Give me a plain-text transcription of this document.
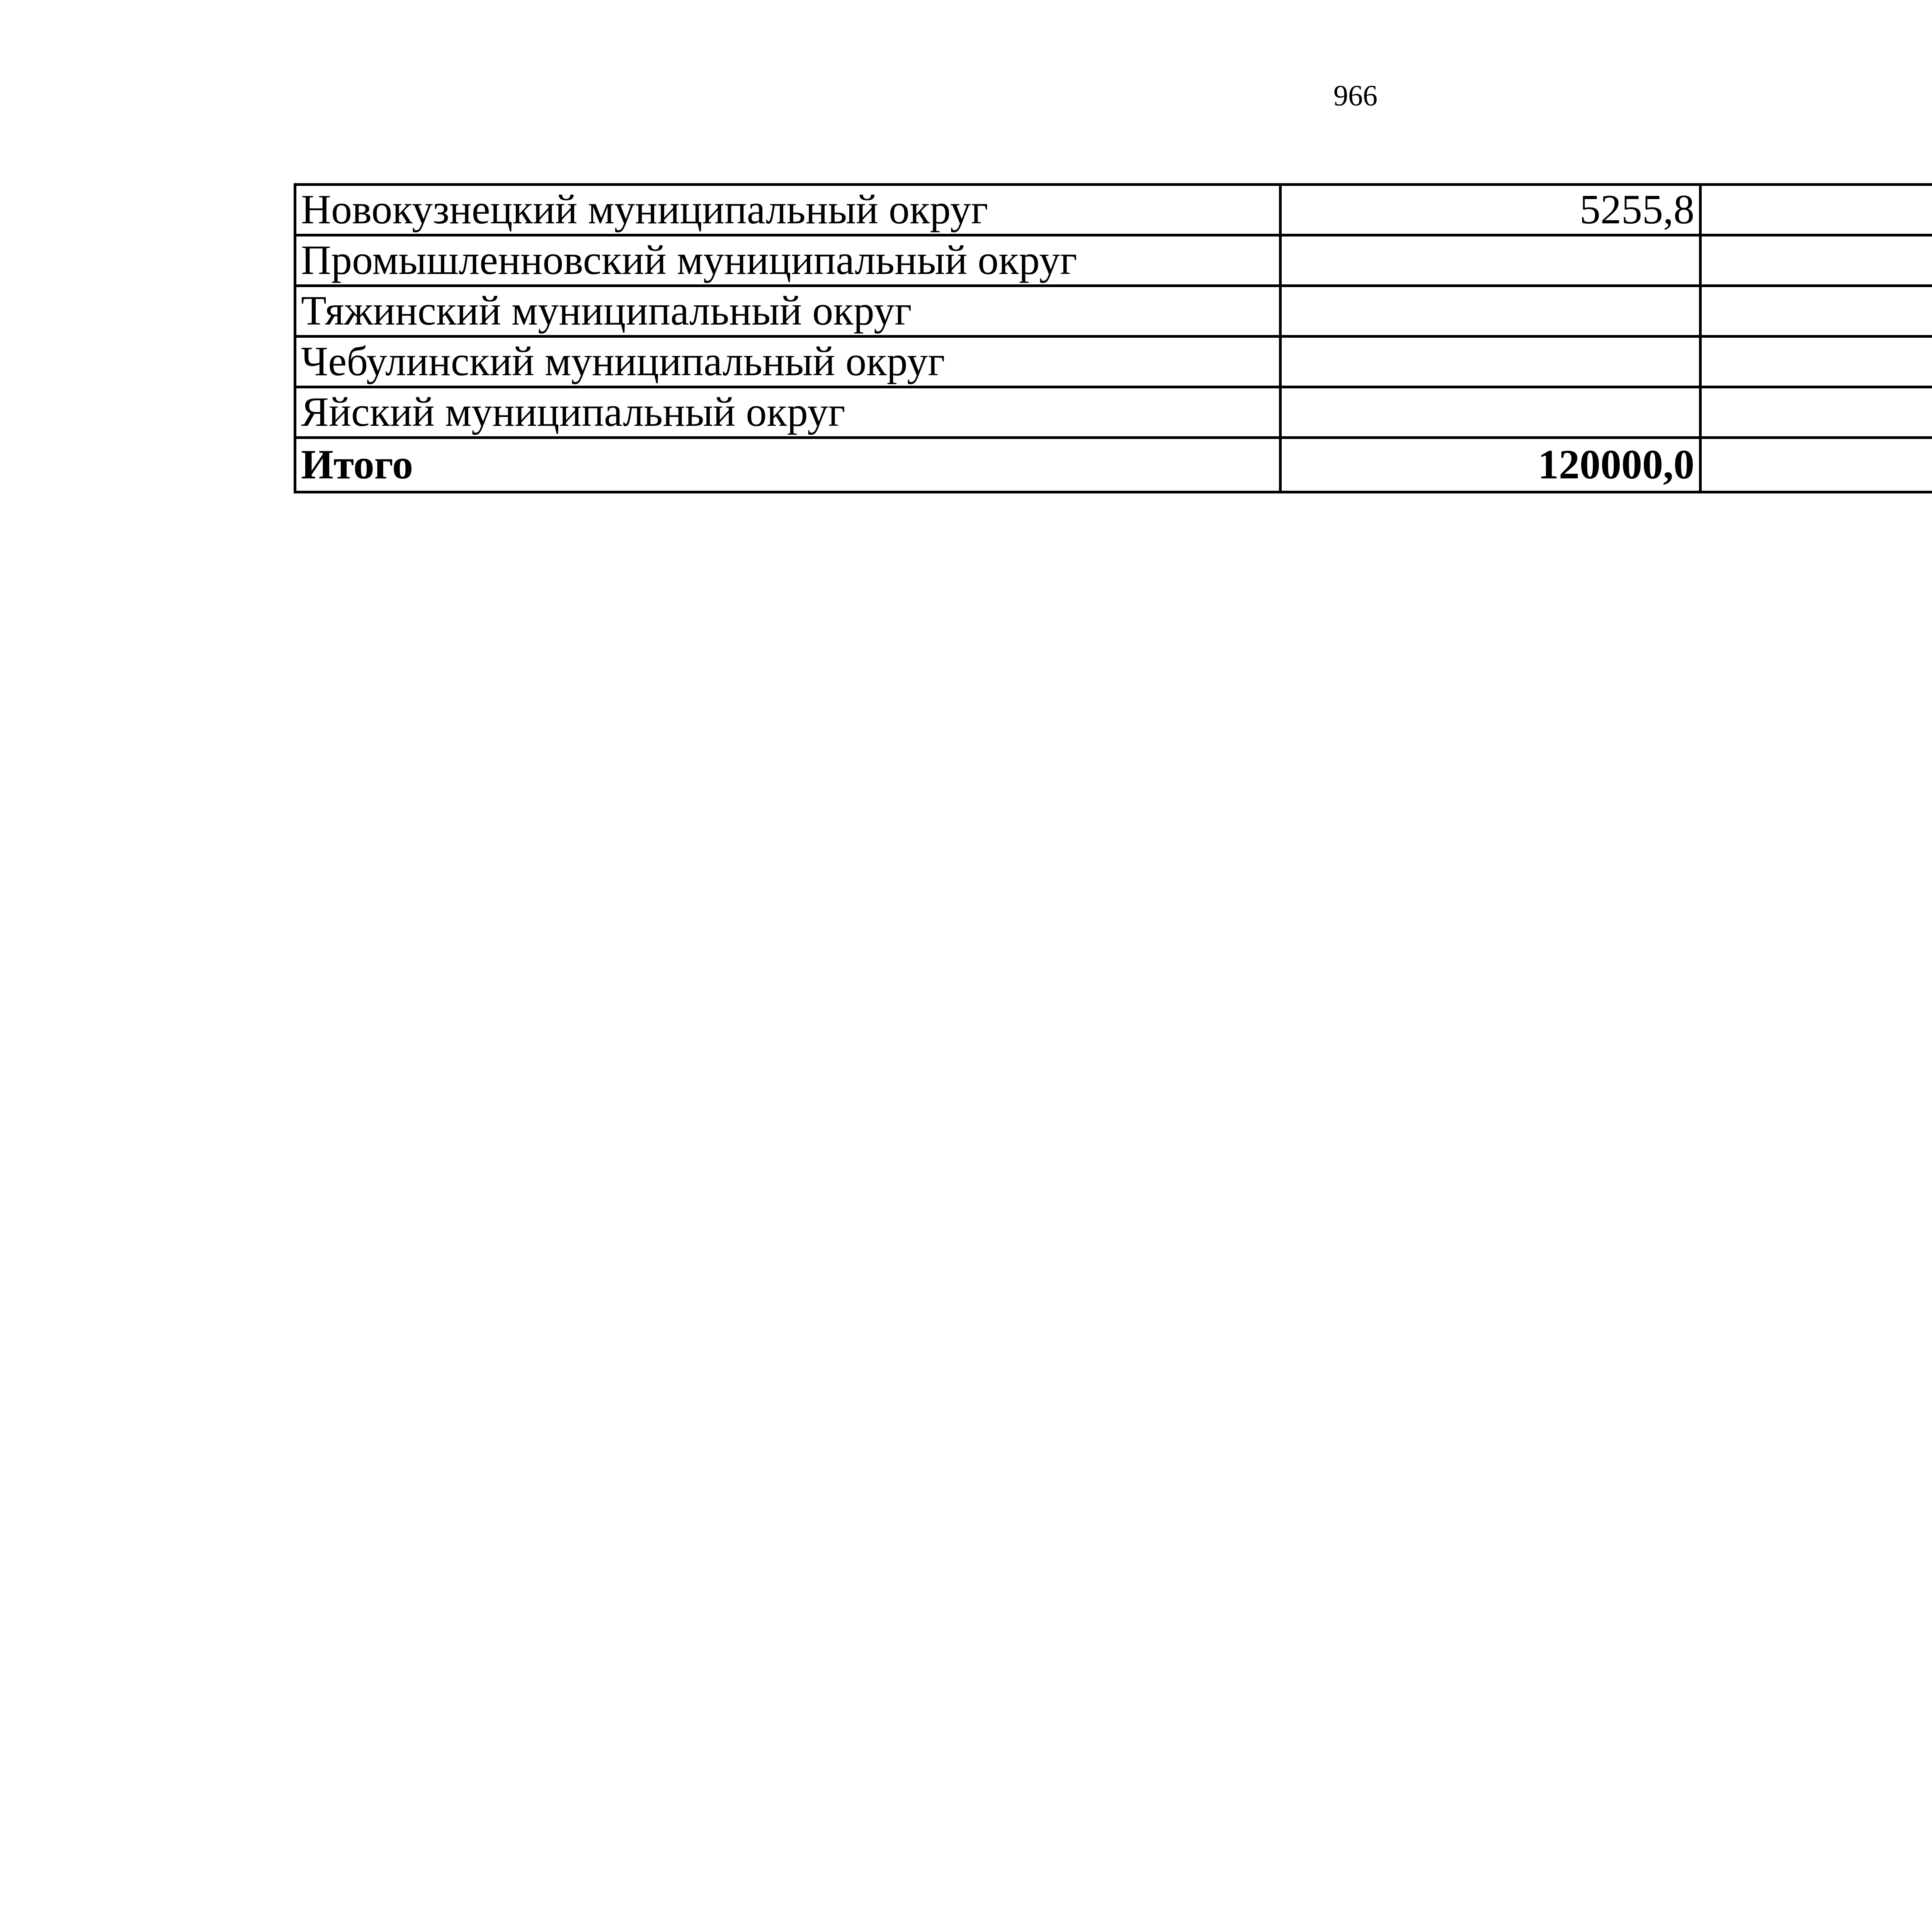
966
Новокузнецкий муниципальный округ	5255,8		
Промышленновский муниципальный округ			
Тяжинский муниципальный округ			
Чебулинский муниципальный округ			
Яйский муниципальный округ			
Итого	120000,0		
